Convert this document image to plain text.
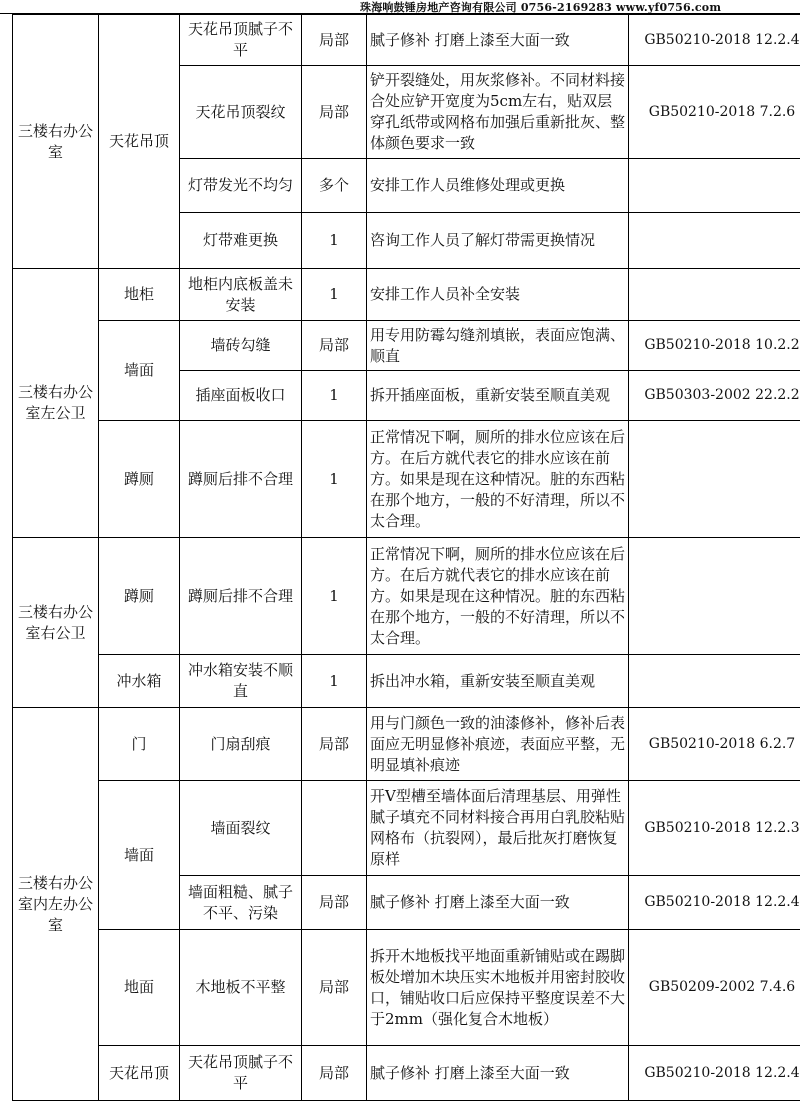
珠海响鼓锤房地产咨询有限公司 0756-2169283 www.yf0756.com
三楼右办公室	天花吊顶	天花吊顶腻子不平	局部	腻子修补 打磨上漆至大面一致	GB50210-2018 12.2.4
		天花吊顶裂纹	局部	铲开裂缝处，用灰浆修补。不同材料接合处应铲开宽度为5cm左右，贴双层穿孔纸带或网格布加强后重新批灰、整体颜色要求一致	GB50210-2018 7.2.6
		灯带发光不均匀	多个	安排工作人员维修处理或更换	
		灯带难更换	1	咨询工作人员了解灯带需更换情况	
三楼右办公室左公卫	地柜	地柜内底板盖未安装	1	安排工作人员补全安装	
	墙面	墙砖勾缝	局部	用专用防霉勾缝剂填嵌，表面应饱满、顺直	GB50210-2018 10.2.2
		插座面板收口	1	拆开插座面板，重新安装至顺直美观	GB50303-2002 22.2.2
	蹲厕	蹲厕后排不合理	1	正常情况下啊，厕所的排水位应该在后方。在后方就代表它的排水应该在前方。如果是现在这种情况。脏的东西粘在那个地方，一般的不好清理，所以不太合理。	
三楼右办公室右公卫	蹲厕	蹲厕后排不合理	1	正常情况下啊，厕所的排水位应该在后方。在后方就代表它的排水应该在前方。如果是现在这种情况。脏的东西粘在那个地方，一般的不好清理，所以不太合理。	
	冲水箱	冲水箱安装不顺直	1	拆出冲水箱，重新安装至顺直美观	
三楼右办公室内左办公室	门	门扇刮痕	局部	用与门颜色一致的油漆修补，修补后表面应无明显修补痕迹，表面应平整，无明显填补痕迹	GB50210-2018 6.2.7
	墙面	墙面裂纹		开V型槽至墙体面后清理基层、用弹性腻子填充不同材料接合再用白乳胶粘贴网格布（抗裂网），最后批灰打磨恢复原样	GB50210-2018 12.2.3
		墙面粗糙、腻子不平、污染	局部	腻子修补 打磨上漆至大面一致	GB50210-2018 12.2.4
	地面	木地板不平整	局部	拆开木地板找平地面重新铺贴或在踢脚板处增加木块压实木地板并用密封胶收口，铺贴收口后应保持平整度误差不大于2mm（强化复合木地板）	GB50209-2002 7.4.6
	天花吊顶	天花吊顶腻子不平	局部	腻子修补 打磨上漆至大面一致	GB50210-2018 12.2.4
